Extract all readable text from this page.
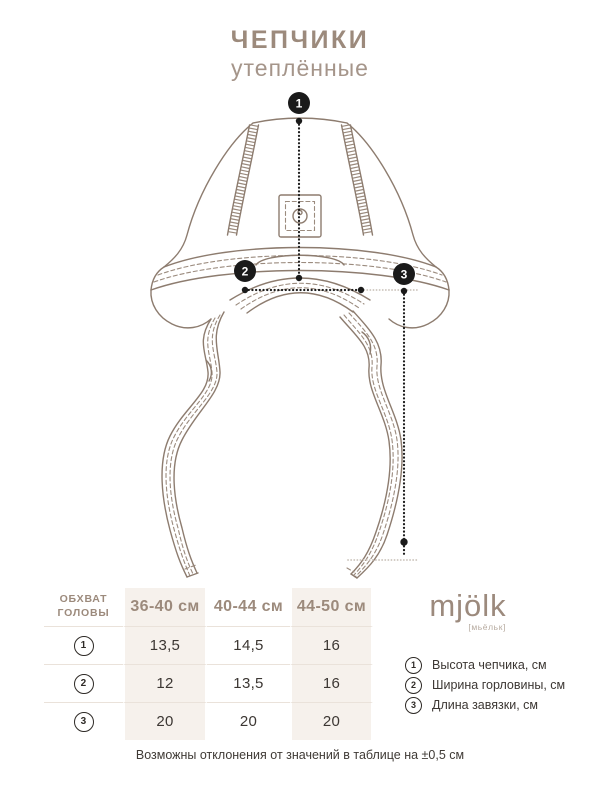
ЧЕПЧИКИ
утеплённые
1
2	3
ОБХВАТ ГОЛОВЫ	36-40 см 40-44 см 44-50 см
1	13,5	14,5	16
2	12	13,5	16
3	20	20	20
mjölk
[мьёльк]
1	Высота чепчика, см
2	Ширина горловины, см
3	Длина завязки, см
Возможны отклонения от значений в таблице на ±0,5 см
